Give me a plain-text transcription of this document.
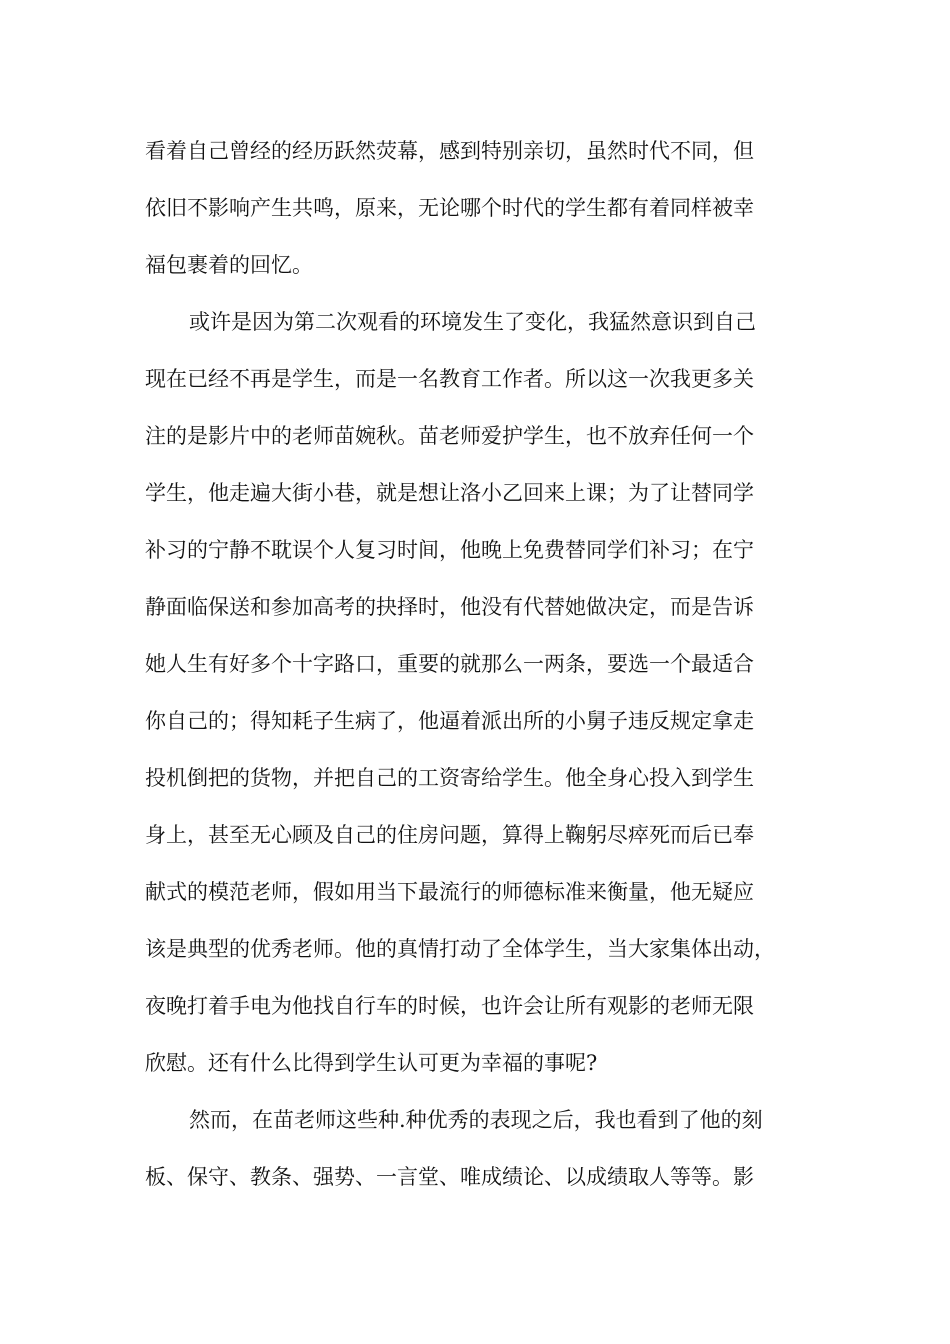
看着自己曾经的经历跃然荧幕，感到特别亲切，虽然时代不同，但
依旧不影响产生共鸣，原来，无论哪个时代的学生都有着同样被幸
福包裹着的回忆。
或许是因为第二次观看的环境发生了变化，我猛然意识到自己
现在已经不再是学生，而是一名教育工作者。所以这一次我更多关
注的是影片中的老师苗婉秋。苗老师爱护学生，也不放弃任何一个
学生，他走遍大街小巷，就是想让洛小乙回来上课；为了让替同学
补习的宁静不耽误个人复习时间，他晚上免费替同学们补习；在宁
静面临保送和参加高考的抉择时，他没有代替她做决定，而是告诉
她人生有好多个十字路口，重要的就那么一两条，要选一个最适合
你自己的；得知耗子生病了，他逼着派出所的小舅子违反规定拿走
投机倒把的货物，并把自己的工资寄给学生。他全身心投入到学生
身上，甚至无心顾及自己的住房问题，算得上鞠躬尽瘁死而后已奉
献式的模范老师，假如用当下最流行的师德标准来衡量，他无疑应
该是典型的优秀老师。他的真情打动了全体学生，当大家集体出动，
夜晚打着手电为他找自行车的时候，也许会让所有观影的老师无限
欣慰。还有什么比得到学生认可更为幸福的事呢?
然而，在苗老师这些种.种优秀的表现之后，我也看到了他的刻
板、保守、教条、强势、一言堂、唯成绩论、以成绩取人等等。影
